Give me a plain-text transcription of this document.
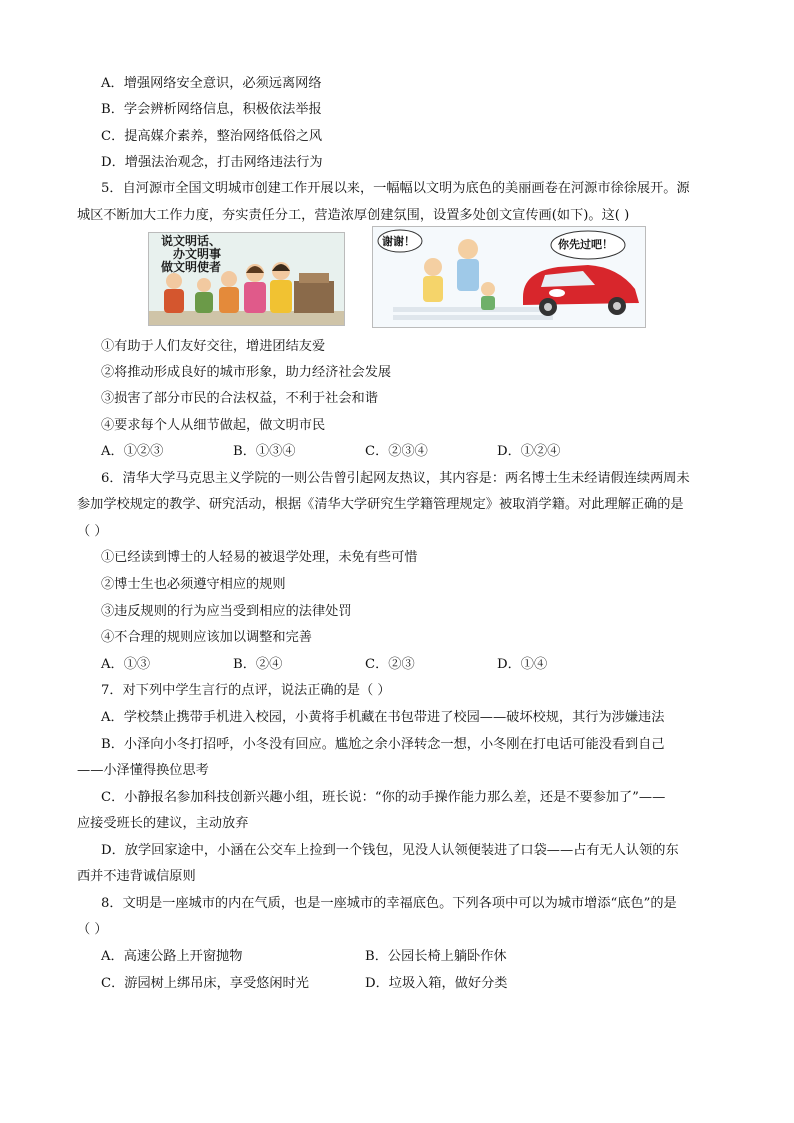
A．增强网络安全意识，必须远离网络
B．学会辨析网络信息，积极依法举报
C．提高媒介素养，整治网络低俗之风
D．增强法治观念，打击网络违法行为
5．自河源市全国文明城市创建工作开展以来，一幅幅以文明为底色的美丽画卷在河源市徐徐展开。源
城区不断加大工作力度，夯实责任分工，营造浓厚创建氛围，设置多处创文宣传画(如下)。这( )
说文明话、
办文明事
做文明使者
谢谢！	你先过吧！
①有助于人们友好交往，增进团结友爱
②将推动形成良好的城市形象，助力经济社会发展
③损害了部分市民的合法权益，不利于社会和谐
④要求每个人从细节做起，做文明市民
A．①②③	B．①③④	C．②③④	D．①②④
6．清华大学马克思主义学院的一则公告曾引起网友热议，其内容是：两名博士生未经请假连续两周未
参加学校规定的教学、研究活动，根据《清华大学研究生学籍管理规定》被取消学籍。对此理解正确的是
（ ）
①已经读到博士的人轻易的被退学处理，未免有些可惜
②博士生也必须遵守相应的规则
③违反规则的行为应当受到相应的法律处罚
④不合理的规则应该加以调整和完善
A．①③	B．②④	C．②③	D．①④
7．对下列中学生言行的点评，说法正确的是（ ）
A．学校禁止携带手机进入校园，小黄将手机藏在书包带进了校园——破坏校规，其行为涉嫌违法
B．小泽向小冬打招呼，小冬没有回应。尴尬之余小泽转念一想，小冬刚在打电话可能没看到自己
——小泽懂得换位思考
C．小静报名参加科技创新兴趣小组，班长说：“你的动手操作能力那么差，还是不要参加了”——
应接受班长的建议，主动放弃
D．放学回家途中，小涵在公交车上捡到一个钱包，见没人认领便装进了口袋——占有无人认领的东
西并不违背诚信原则
8．文明是一座城市的内在气质，也是一座城市的幸福底色。下列各项中可以为城市增添“底色”的是
（ ）
A．高速公路上开窗抛物	B．公园长椅上躺卧作休
C．游园树上绑吊床，享受悠闲时光	D．垃圾入箱，做好分类
